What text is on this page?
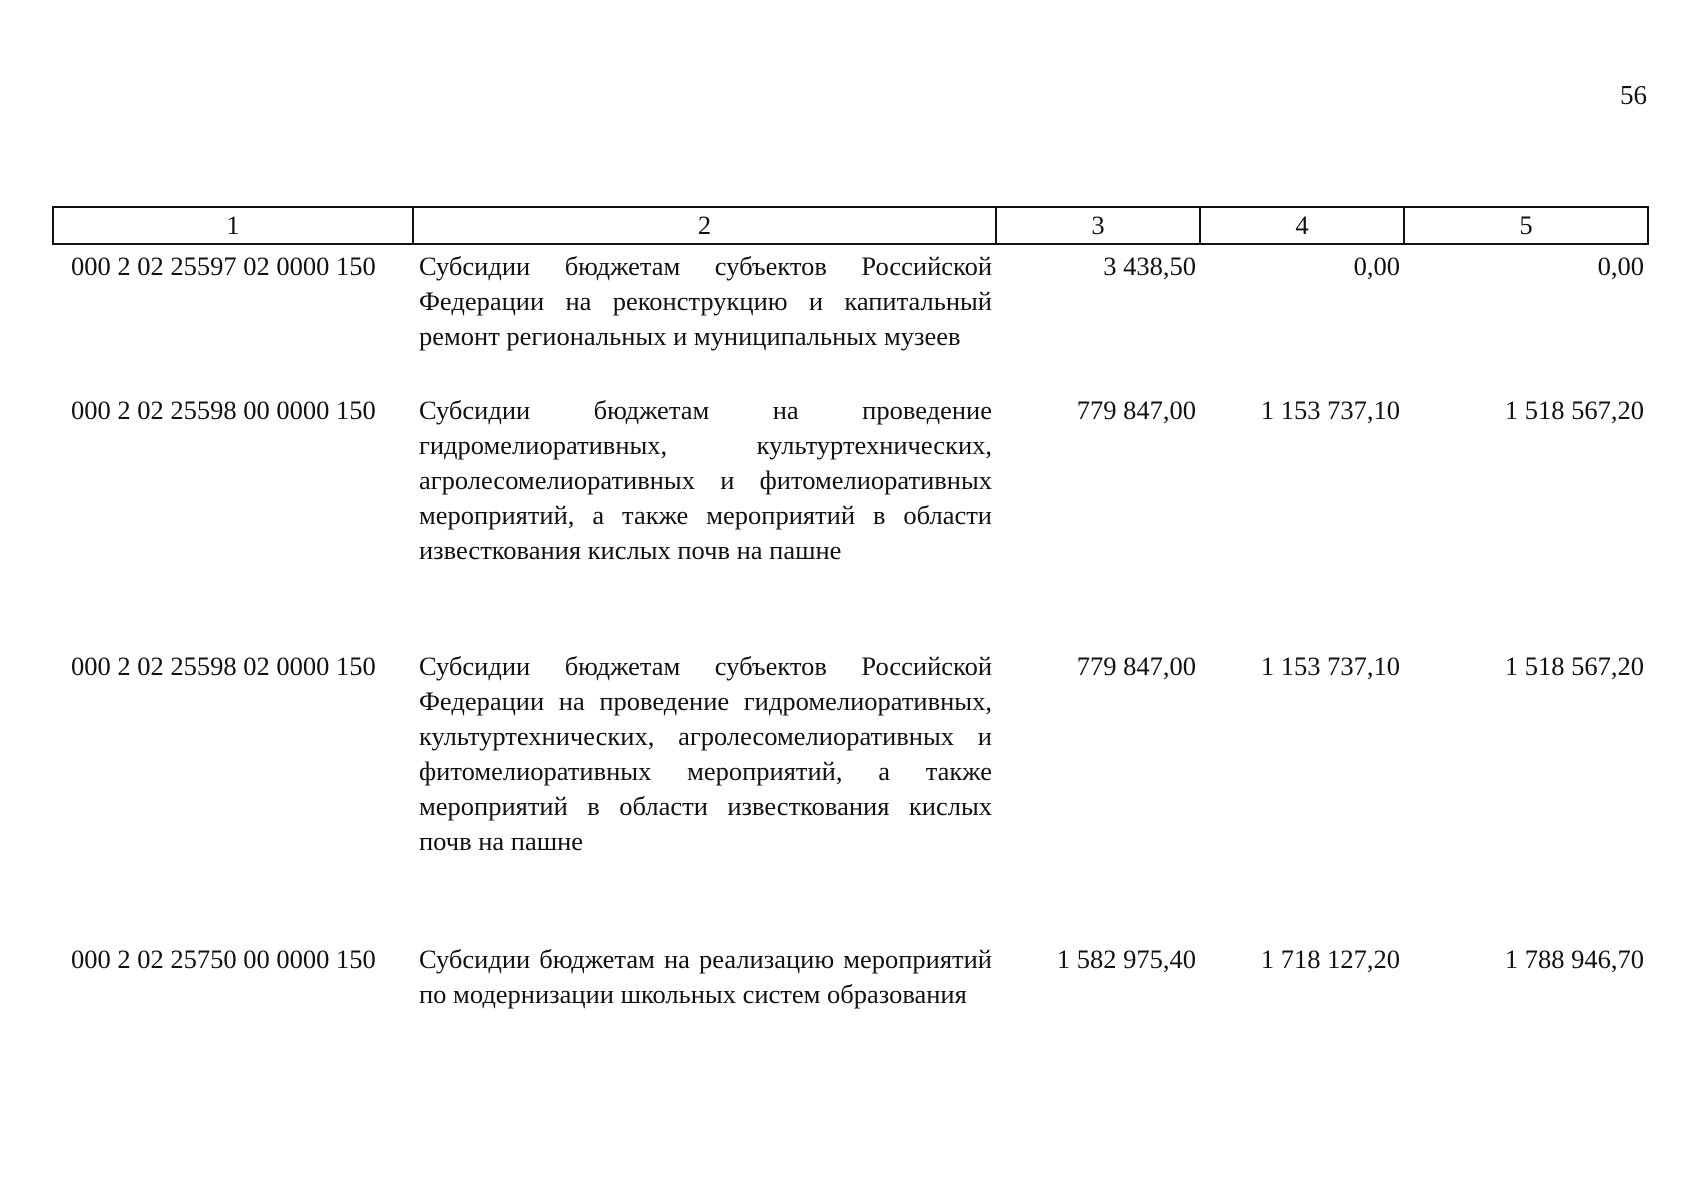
56
1	2	3	4	5
000 2 02 25597 02 0000 150	Субсидии бюджетам субъектов Российской Федерации на реконструкцию и капитальный ремонт региональных и муниципальных музеев	3 438,50	0,00	0,00
000 2 02 25598 00 0000 150	Субсидии бюджетам на проведение гидромелиоративных, культуртехнических, агролесомелиоративных и фитомелиоративных мероприятий, а также мероприятий в области известкования кислых почв на пашне	779 847,00	1 153 737,10	1 518 567,20
000 2 02 25598 02 0000 150	Субсидии бюджетам субъектов Российской Федерации на проведение гидромелиоративных, культуртехнических, агролесомелиоративных и фитомелиоративных мероприятий, а также мероприятий в области известкования кислых почв на пашне	779 847,00	1 153 737,10	1 518 567,20
000 2 02 25750 00 0000 150	Субсидии бюджетам на реализацию мероприятий по модернизации школьных систем образования	1 582 975,40	1 718 127,20	1 788 946,70
